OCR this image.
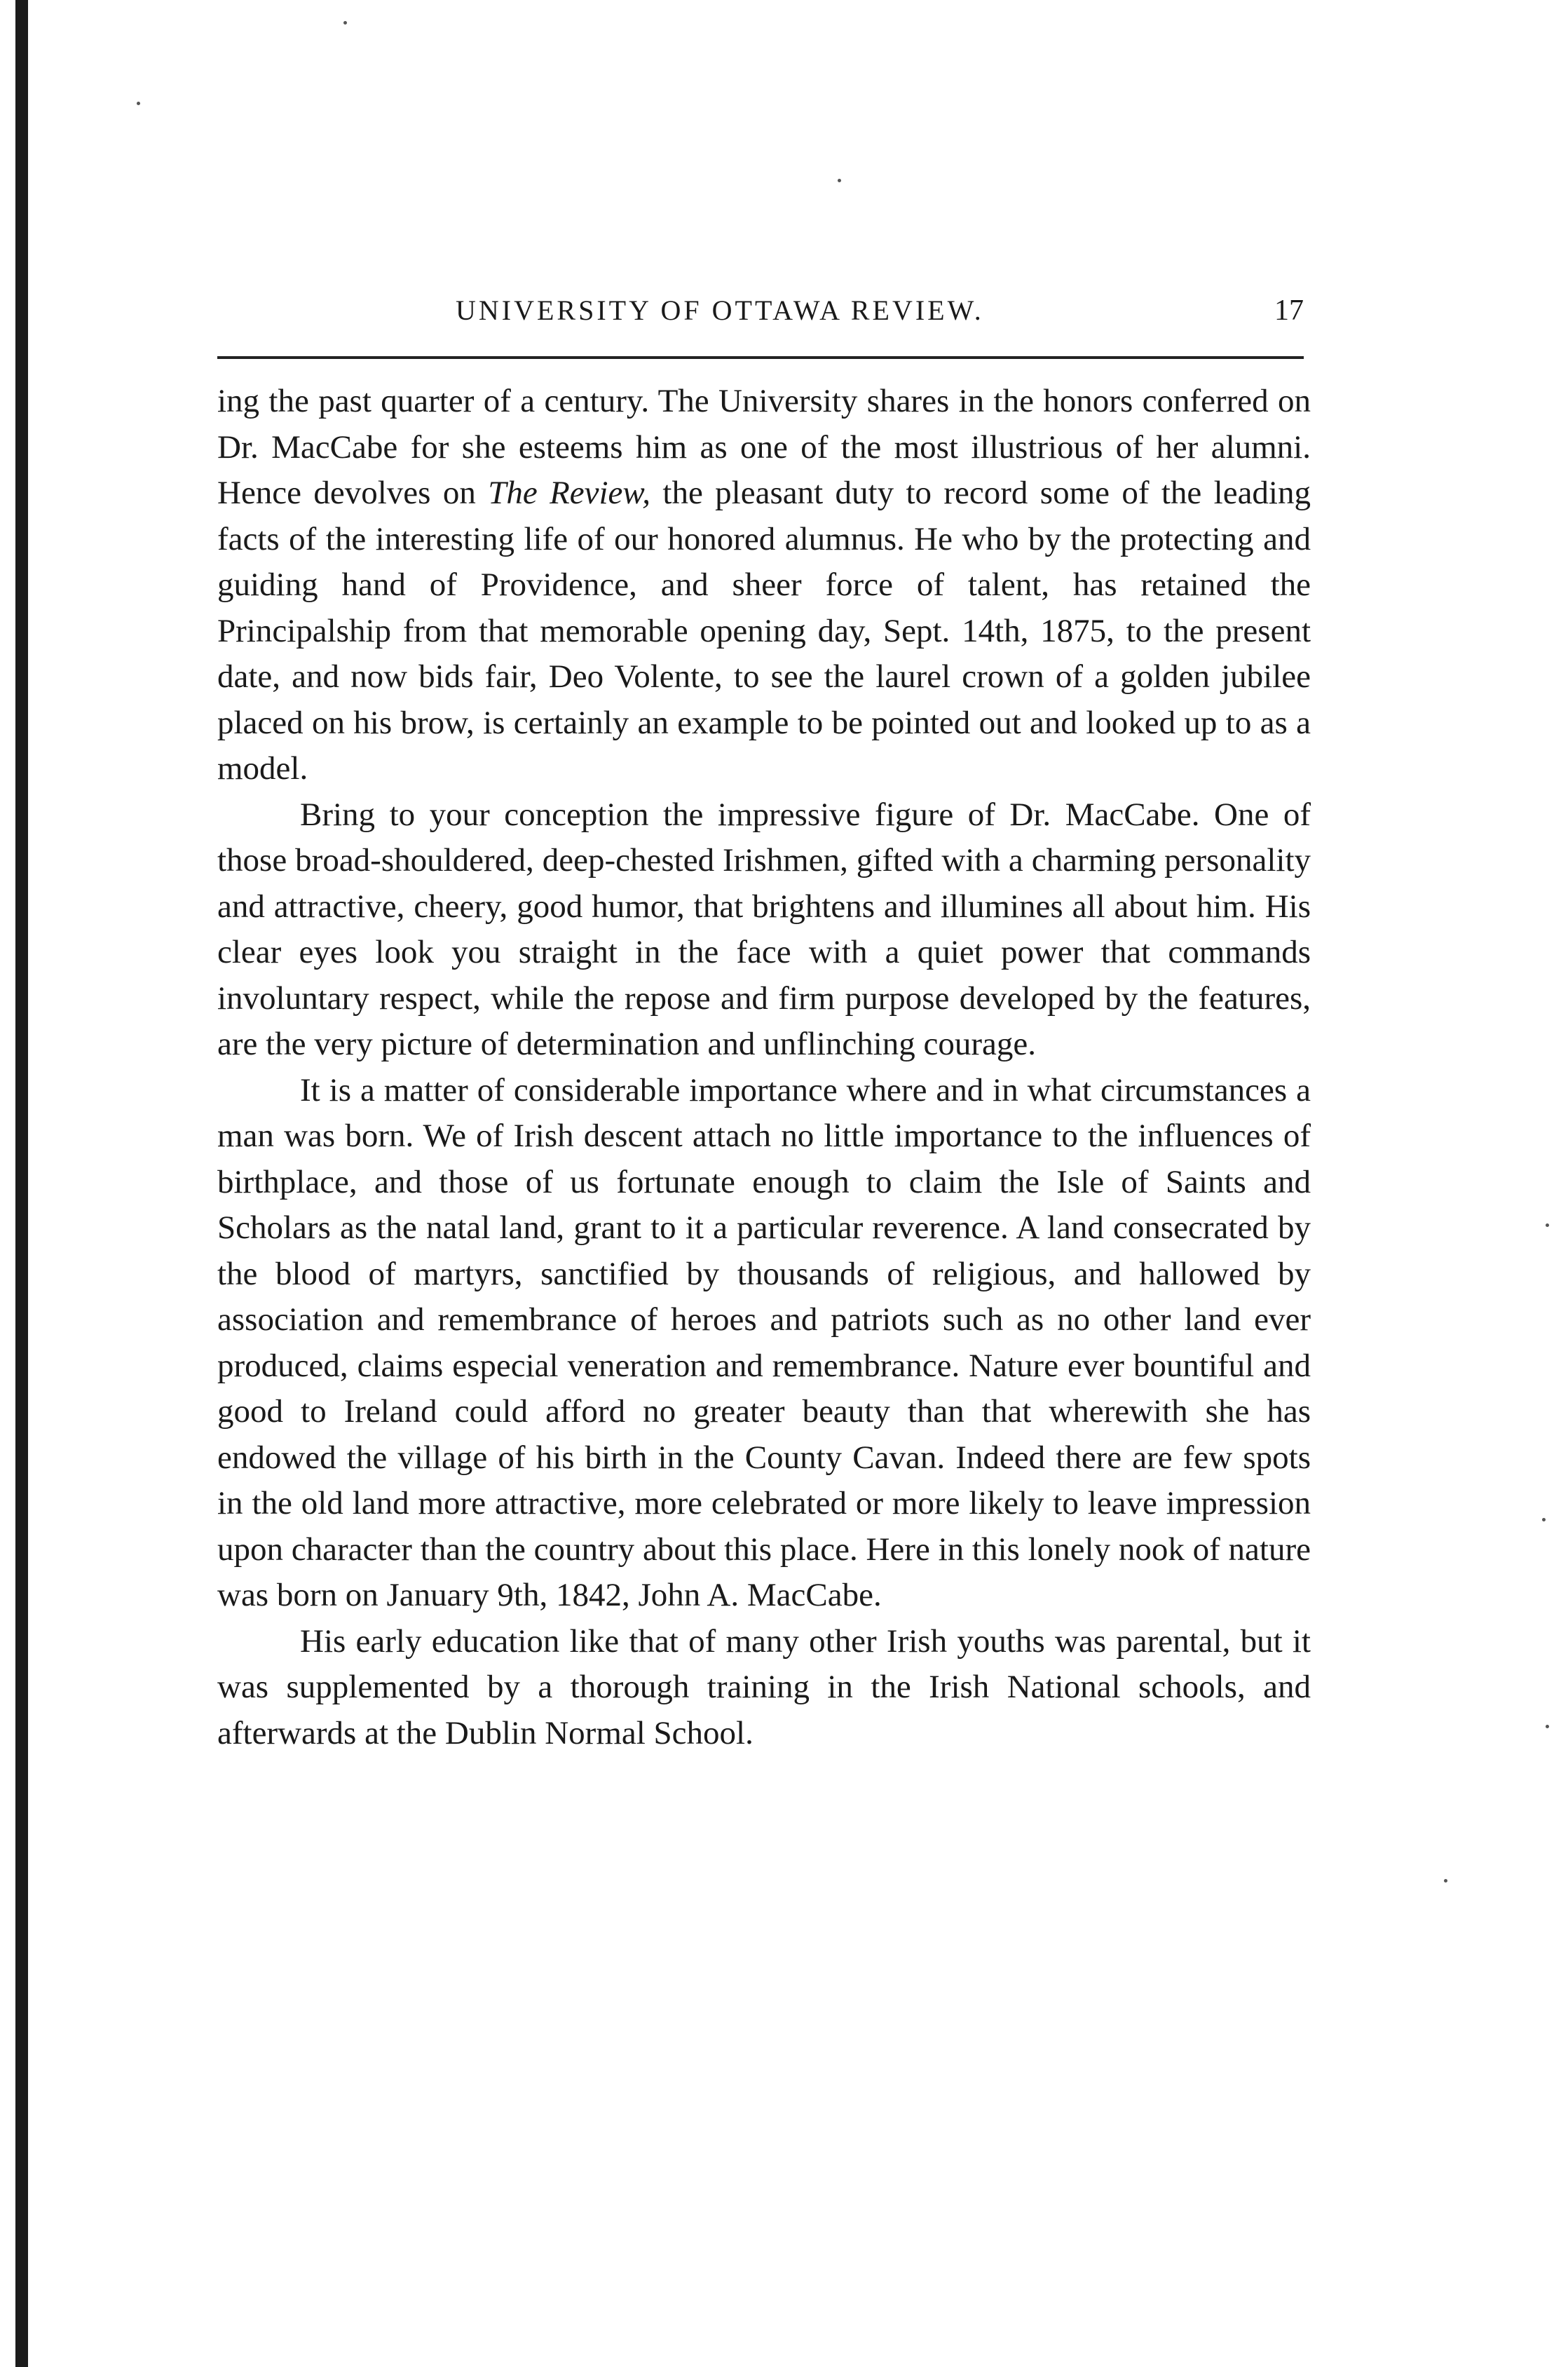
UNIVERSITY OF OTTAWA REVIEW.	17

ing the past quarter of a century. The University shares in the honors conferred on Dr. MacCabe for she esteems him as one of the most illustrious of her alumni. Hence devolves on The Review, the pleasant duty to record some of the leading facts of the interesting life of our honored alumnus. He who by the protecting and guiding hand of Providence, and sheer force of talent, has retained the Principalship from that memorable opening day, Sept. 14th, 1875, to the present date, and now bids fair, Deo Volente, to see the laurel crown of a golden jubilee placed on his brow, is certainly an example to be pointed out and looked up to as a model.

Bring to your conception the impressive figure of Dr. MacCabe. One of those broad-shouldered, deep-chested Irishmen, gifted with a charming personality and attractive, cheery, good humor, that brightens and illumines all about him. His clear eyes look you straight in the face with a quiet power that commands involuntary respect, while the repose and firm purpose developed by the features, are the very picture of determination and unflinching courage.

It is a matter of considerable importance where and in what circumstances a man was born. We of Irish descent attach no little importance to the influences of birthplace, and those of us fortunate enough to claim the Isle of Saints and Scholars as the natal land, grant to it a particular reverence. A land consecrated by the blood of martyrs, sanctified by thousands of religious, and hallowed by association and remembrance of heroes and patriots such as no other land ever produced, claims especial veneration and remembrance. Nature ever bountiful and good to Ireland could afford no greater beauty than that wherewith she has endowed the village of his birth in the County Cavan. Indeed there are few spots in the old land more attractive, more celebrated or more likely to leave impression upon character than the country about this place. Here in this lonely nook of nature was born on January 9th, 1842, John A. MacCabe.

His early education like that of many other Irish youths was parental, but it was supplemented by a thorough training in the Irish National schools, and afterwards at the Dublin Normal School.
